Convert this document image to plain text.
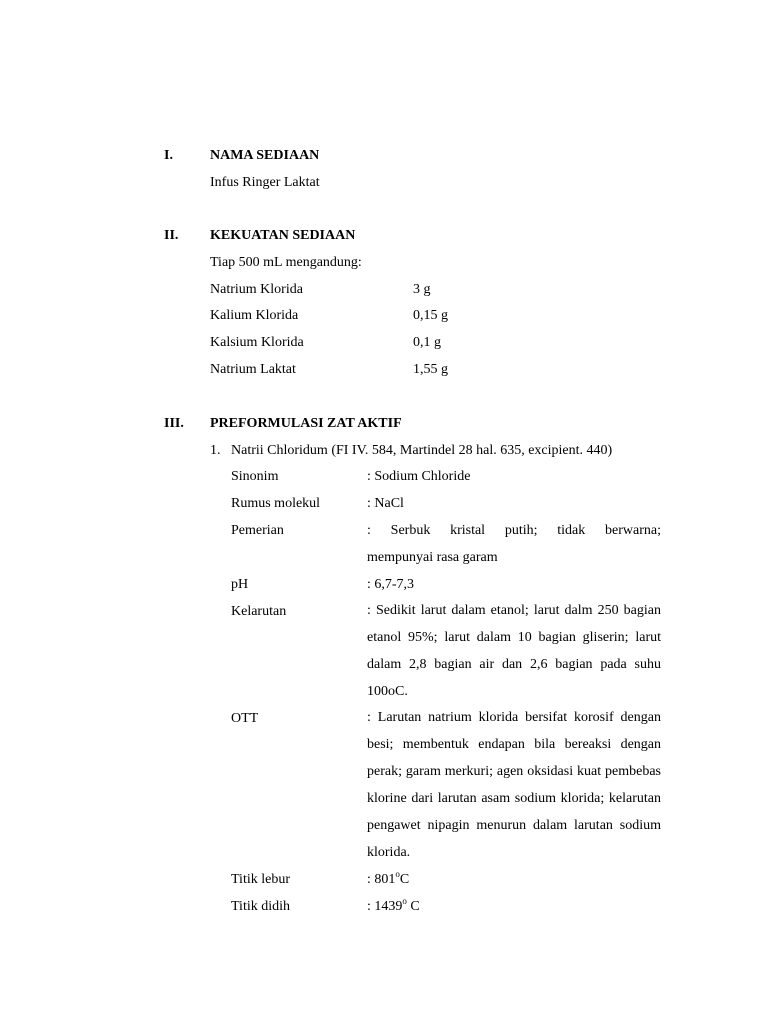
I.	NAMA SEDIAAN
Infus Ringer Laktat
II. KEKUATAN SEDIAAN
Tiap 500 mL mengandung:
Natrium Klorida	3 g
Kalium Klorida	0,15 g
Kalsium Klorida	0,1 g
Natrium Laktat	1,55 g
III. PREFORMULASI ZAT AKTIF
1.   Natrii Chloridum (FI IV. 584, Martindel 28 hal. 635, excipient. 440)
Sinonim	: Sodium Chloride
Rumus molekul	: NaCl
Pemerian	:   Serbuk   kristal   putih;   tidak   berwarna;
mempunyai rasa garam
pH	: 6,7-7,3
Kelarutan	: Sedikit larut dalam etanol; larut dalm 250 bagian etanol 95%; larut dalam 10 bagian gliserin; larut dalam 2,8 bagian air dan 2,6 bagian pada suhu 100oC.
OTT	: Larutan natrium klorida bersifat korosif dengan besi; membentuk endapan bila bereaksi dengan perak; garam merkuri; agen oksidasi kuat pembebas klorine dari larutan asam sodium klorida; kelarutan pengawet nipagin menurun dalam larutan sodium klorida.
Titik lebur	: 801$^o$C
Titik didih	: 1439$^o$ C
